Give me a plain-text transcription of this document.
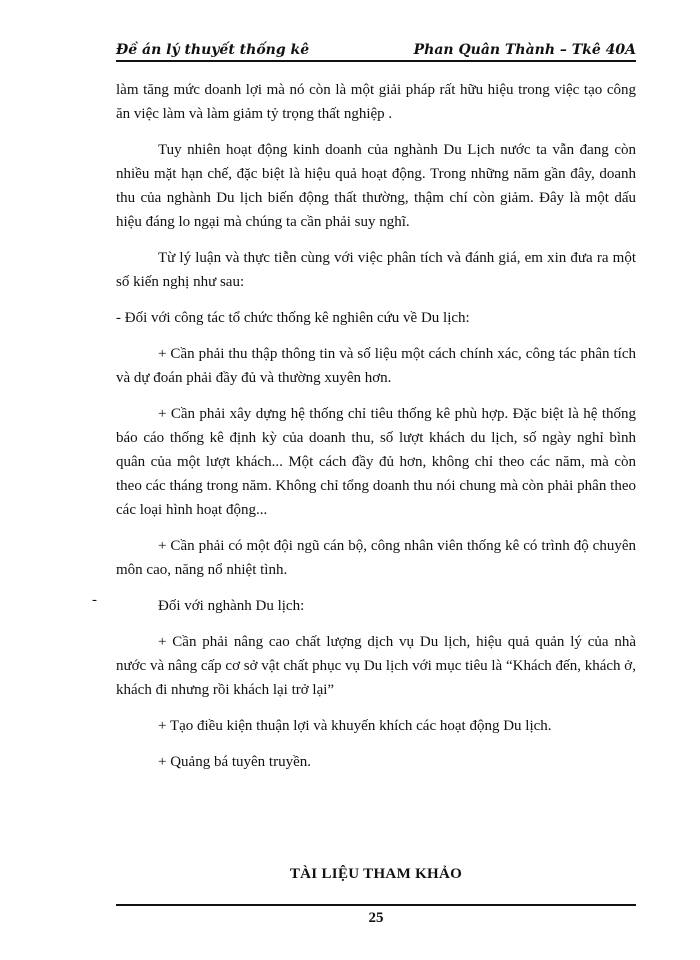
Đề án lý thuyết thống kê	Phan Quân Thành – Tkê 40A

làm tăng mức doanh lợi mà nó còn là một giải pháp rất hữu hiệu trong việc tạo công ăn việc làm và làm giảm tỷ trọng thất nghiệp .

Tuy nhiên hoạt động kinh doanh của nghành Du Lịch nước ta vẫn đang còn nhiều mặt hạn chế, đặc biệt là hiệu quả hoạt động. Trong những năm gần đây, doanh thu của nghành Du lịch biến động thất thường, thậm chí còn giảm. Đây là một dấu hiệu đáng lo ngại mà chúng ta cần phải suy nghĩ.

Từ lý luận và thực tiễn cùng với việc phân tích và đánh giá, em xin đưa ra một số kiến nghị như sau:

- Đối với công tác tổ chức thống kê nghiên cứu về Du lịch:

+ Cần phải thu thập thông tin và số liệu một cách chính xác, công tác phân tích và dự đoán phải đầy đủ và thường xuyên hơn.

+ Cần phải xây dựng hệ thống chỉ tiêu thống kê phù hợp. Đặc biệt là hệ thống báo cáo thống kê định kỳ của doanh thu, số lượt khách du lịch, số ngày nghỉ bình quân của một lượt khách... Một cách đầy đủ hơn, không chỉ theo các năm, mà còn theo các tháng trong năm. Không chỉ tổng doanh thu nói chung mà còn phải phân theo các loại hình hoạt động...

+ Cần phải có một đội ngũ cán bộ, công nhân viên thống kê có trình độ chuyên môn cao, năng nổ nhiệt tình.

-	Đối với nghành Du lịch:

+ Cần phải nâng cao chất lượng dịch vụ Du lịch, hiệu quả quản lý của nhà nước và nâng cấp cơ sở vật chất phục vụ Du lịch với mục tiêu là “Khách đến, khách ở, khách đi nhưng rồi khách lại trở lại”

+ Tạo điều kiện thuận lợi và khuyến khích các hoạt động Du lịch.

+ Quảng bá tuyên truyền.

TÀI LIỆU THAM KHẢO
25
